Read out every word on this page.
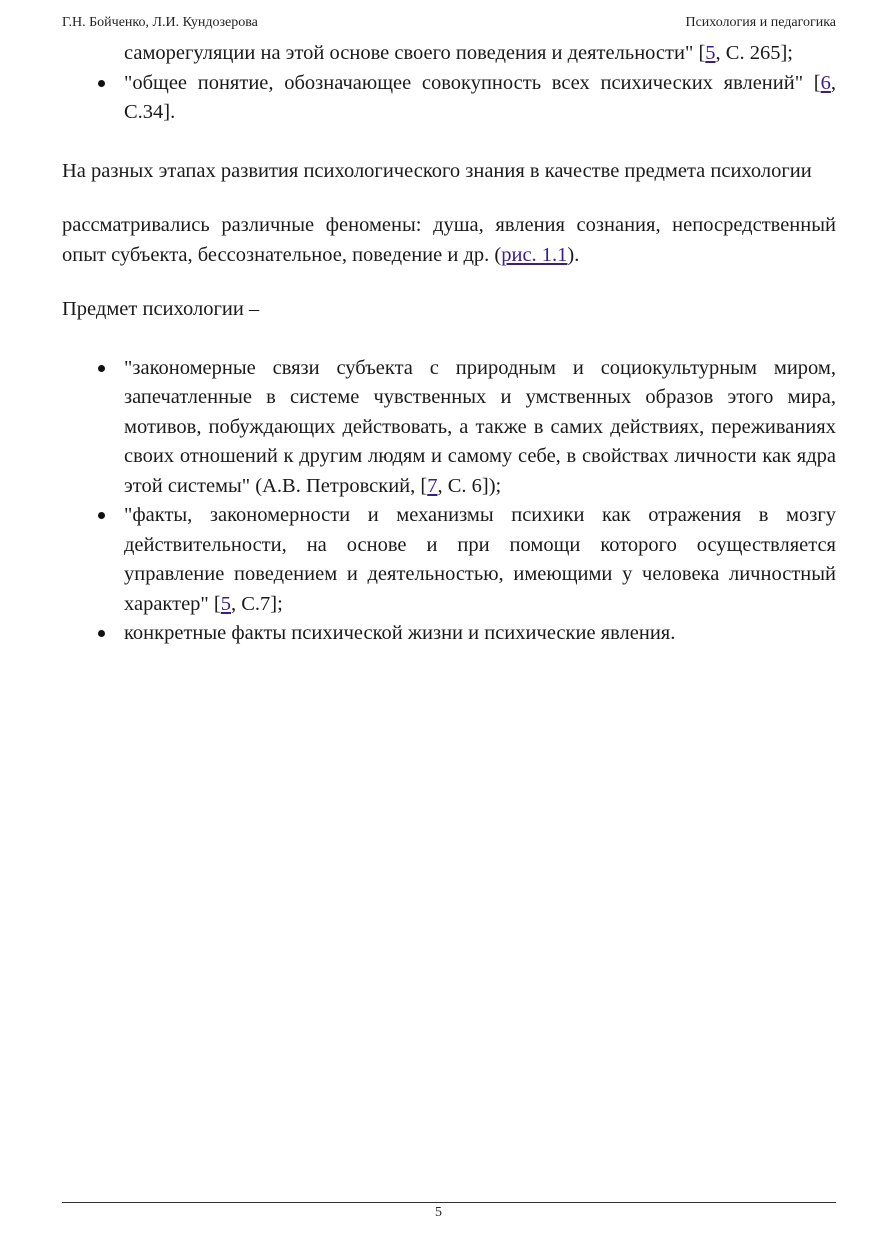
Г.Н. Бойченко, Л.И. Кундозерова	Психология и педагогика
саморегуляции на этой основе своего поведения и деятельности" [5, С. 265];
"общее понятие, обозначающее совокупность всех психических явлений" [6, С.34].

На разных этапах развития психологического знания в качестве предмета психологии

рассматривались различные феномены: душа, явления сознания, непосредственный опыт субъекта, бессознательное, поведение и др. (рис. 1.1).

Предмет психологии –

"закономерные связи субъекта с природным и социокультурным миром, запечатленные в системе чувственных и умственных образов этого мира, мотивов, побуждающих действовать, а также в самих действиях, переживаниях своих отношений к другим людям и самому себе, в свойствах личности как ядра этой системы" (А.В. Петровский, [7, С. 6]);
"факты, закономерности и механизмы психики как отражения в мозгу действительности, на основе и при помощи которого осуществляется управление поведением и деятельностью, имеющими у человека личностный характер" [5, С.7];
конкретные факты психической жизни и психические явления.
5
